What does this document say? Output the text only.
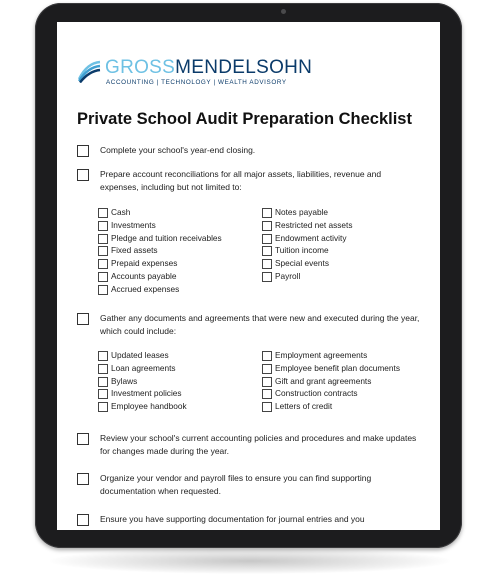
GROSSMENDELSOHN
ACCOUNTING | TECHNOLOGY | WEALTH ADVISORY
Private School Audit Preparation Checklist
Complete your school's year-end closing.
Prepare account reconciliations for all major assets, liabilities, revenue and expenses, including but not limited to:
Cash
Investments
Pledge and tuition receivables
Fixed assets
Prepaid expenses
Accounts payable
Accrued expenses
Notes payable
Restricted net assets
Endowment activity
Tuition income
Special events
Payroll
Gather any documents and agreements that were new and executed during the year, which could include:
Updated leases
Loan agreements
Bylaws
Investment policies
Employee handbook
Employment agreements
Employee benefit plan documents
Gift and grant agreements
Construction contracts
Letters of credit
Review your school's current accounting policies and procedures and make updates for changes made during the year.
Organize your vendor and payroll files to ensure you can find supporting documentation when requested.
Ensure you have supporting documentation for journal entries and you
